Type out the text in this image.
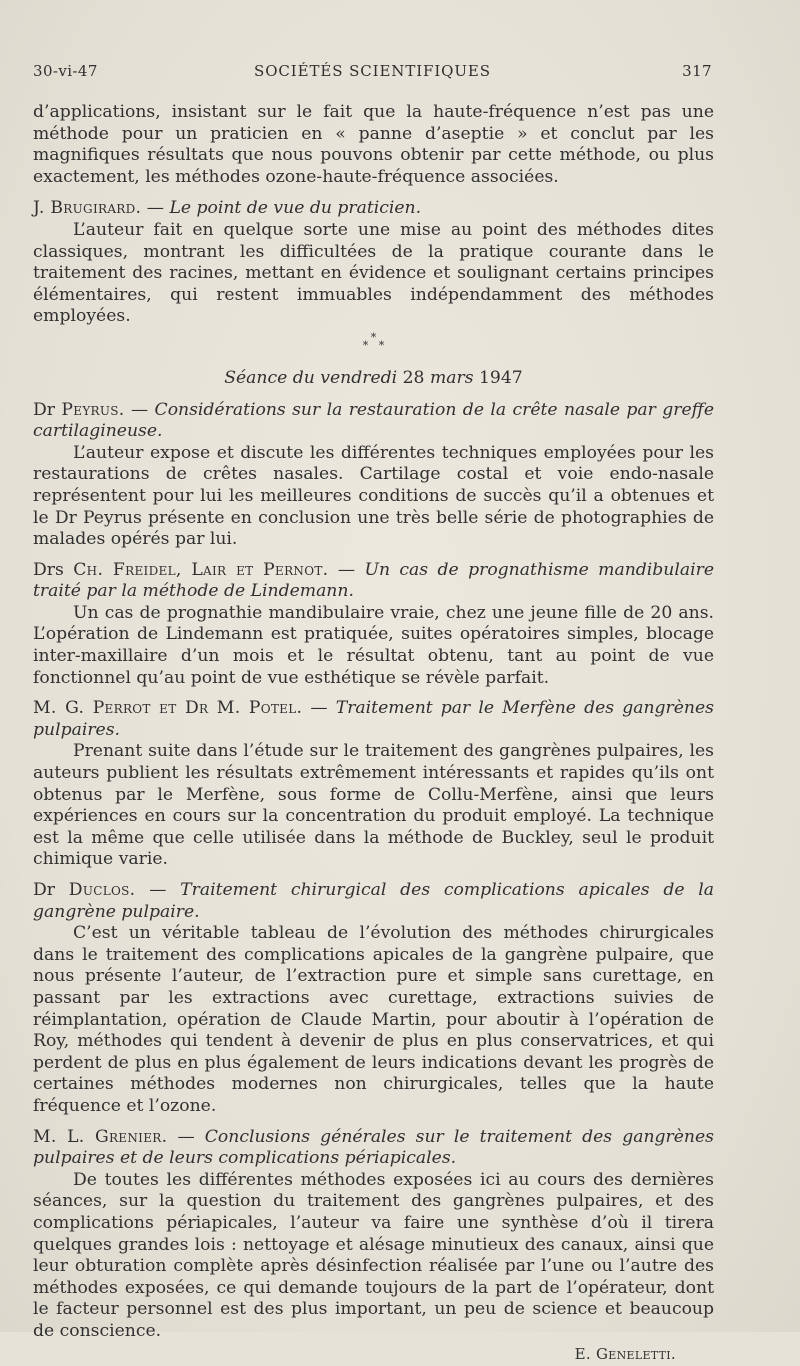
30-vi-47	SOCIÉTÉS SCIENTIFIQUES	317

d’applications, insistant sur le fait que la haute-fréquence n’est pas une méthode pour un praticien en « panne d’aseptie » et conclut par les magnifiques résultats que nous pouvons obtenir par cette méthode, ou plus exactement, les méthodes ozone-haute-fréquence associées.

J. Brugirard. — Le point de vue du praticien.

L’auteur fait en quelque sorte une mise au point des méthodes dites classiques, montrant les difficultées de la pratique courante dans le traitement des racines, mettant en évidence et soulignant certains principes élémentaires, qui restent immuables indépendamment des méthodes employées.

*
* *

Séance du vendredi 28 mars 1947

Dr Peyrus. — Considérations sur la restauration de la crête nasale par greffe cartilagineuse.

L’auteur expose et discute les différentes techniques employées pour les restaurations de crêtes nasales. Cartilage costal et voie endo-nasale représentent pour lui les meilleures conditions de succès qu’il a obtenues et le Dr Peyrus présente en conclusion une très belle série de photographies de malades opérés par lui.

Drs Ch. Freidel, Lair et Pernot. — Un cas de prognathisme mandibulaire traité par la méthode de Lindemann.

Un cas de prognathie mandibulaire vraie, chez une jeune fille de 20 ans. L’opération de Lindemann est pratiquée, suites opératoires simples, blocage inter-maxillaire d’un mois et le résultat obtenu, tant au point de vue fonctionnel qu’au point de vue esthétique se révèle parfait.

M. G. Perrot et Dr M. Potel. — Traitement par le Merfène des gangrènes pulpaires.

Prenant suite dans l’étude sur le traitement des gangrènes pulpaires, les auteurs publient les résultats extrêmement intéressants et rapides qu’ils ont obtenus par le Merfène, sous forme de Collu-Merfène, ainsi que leurs expériences en cours sur la concentration du produit employé. La technique est la même que celle utilisée dans la méthode de Buckley, seul le produit chimique varie.

Dr Duclos. — Traitement chirurgical des complications apicales de la gangrène pulpaire.

C’est un véritable tableau de l’évolution des méthodes chirurgicales dans le traitement des complications apicales de la gangrène pulpaire, que nous présente l’auteur, de l’extraction pure et simple sans curettage, en passant par les extractions avec curettage, extractions suivies de réimplantation, opération de Claude Martin, pour aboutir à l’opération de Roy, méthodes qui tendent à devenir de plus en plus conservatrices, et qui perdent de plus en plus également de leurs indications devant les progrès de certaines méthodes modernes non chirurgicales, telles que la haute fréquence et l’ozone.

M. L. Grenier. — Conclusions générales sur le traitement des gangrènes pulpaires et de leurs complications périapicales.

De toutes les différentes méthodes exposées ici au cours des dernières séances, sur la question du traitement des gangrènes pulpaires, et des complications périapicales, l’auteur va faire une synthèse d’où il tirera quelques grandes lois : nettoyage et alésage minutieux des canaux, ainsi que leur obturation complète après désinfection réalisée par l’une ou l’autre des méthodes exposées, ce qui demande toujours de la part de l’opérateur, dont le facteur personnel est des plus important, un peu de science et beaucoup de conscience.

E. Geneletti.
